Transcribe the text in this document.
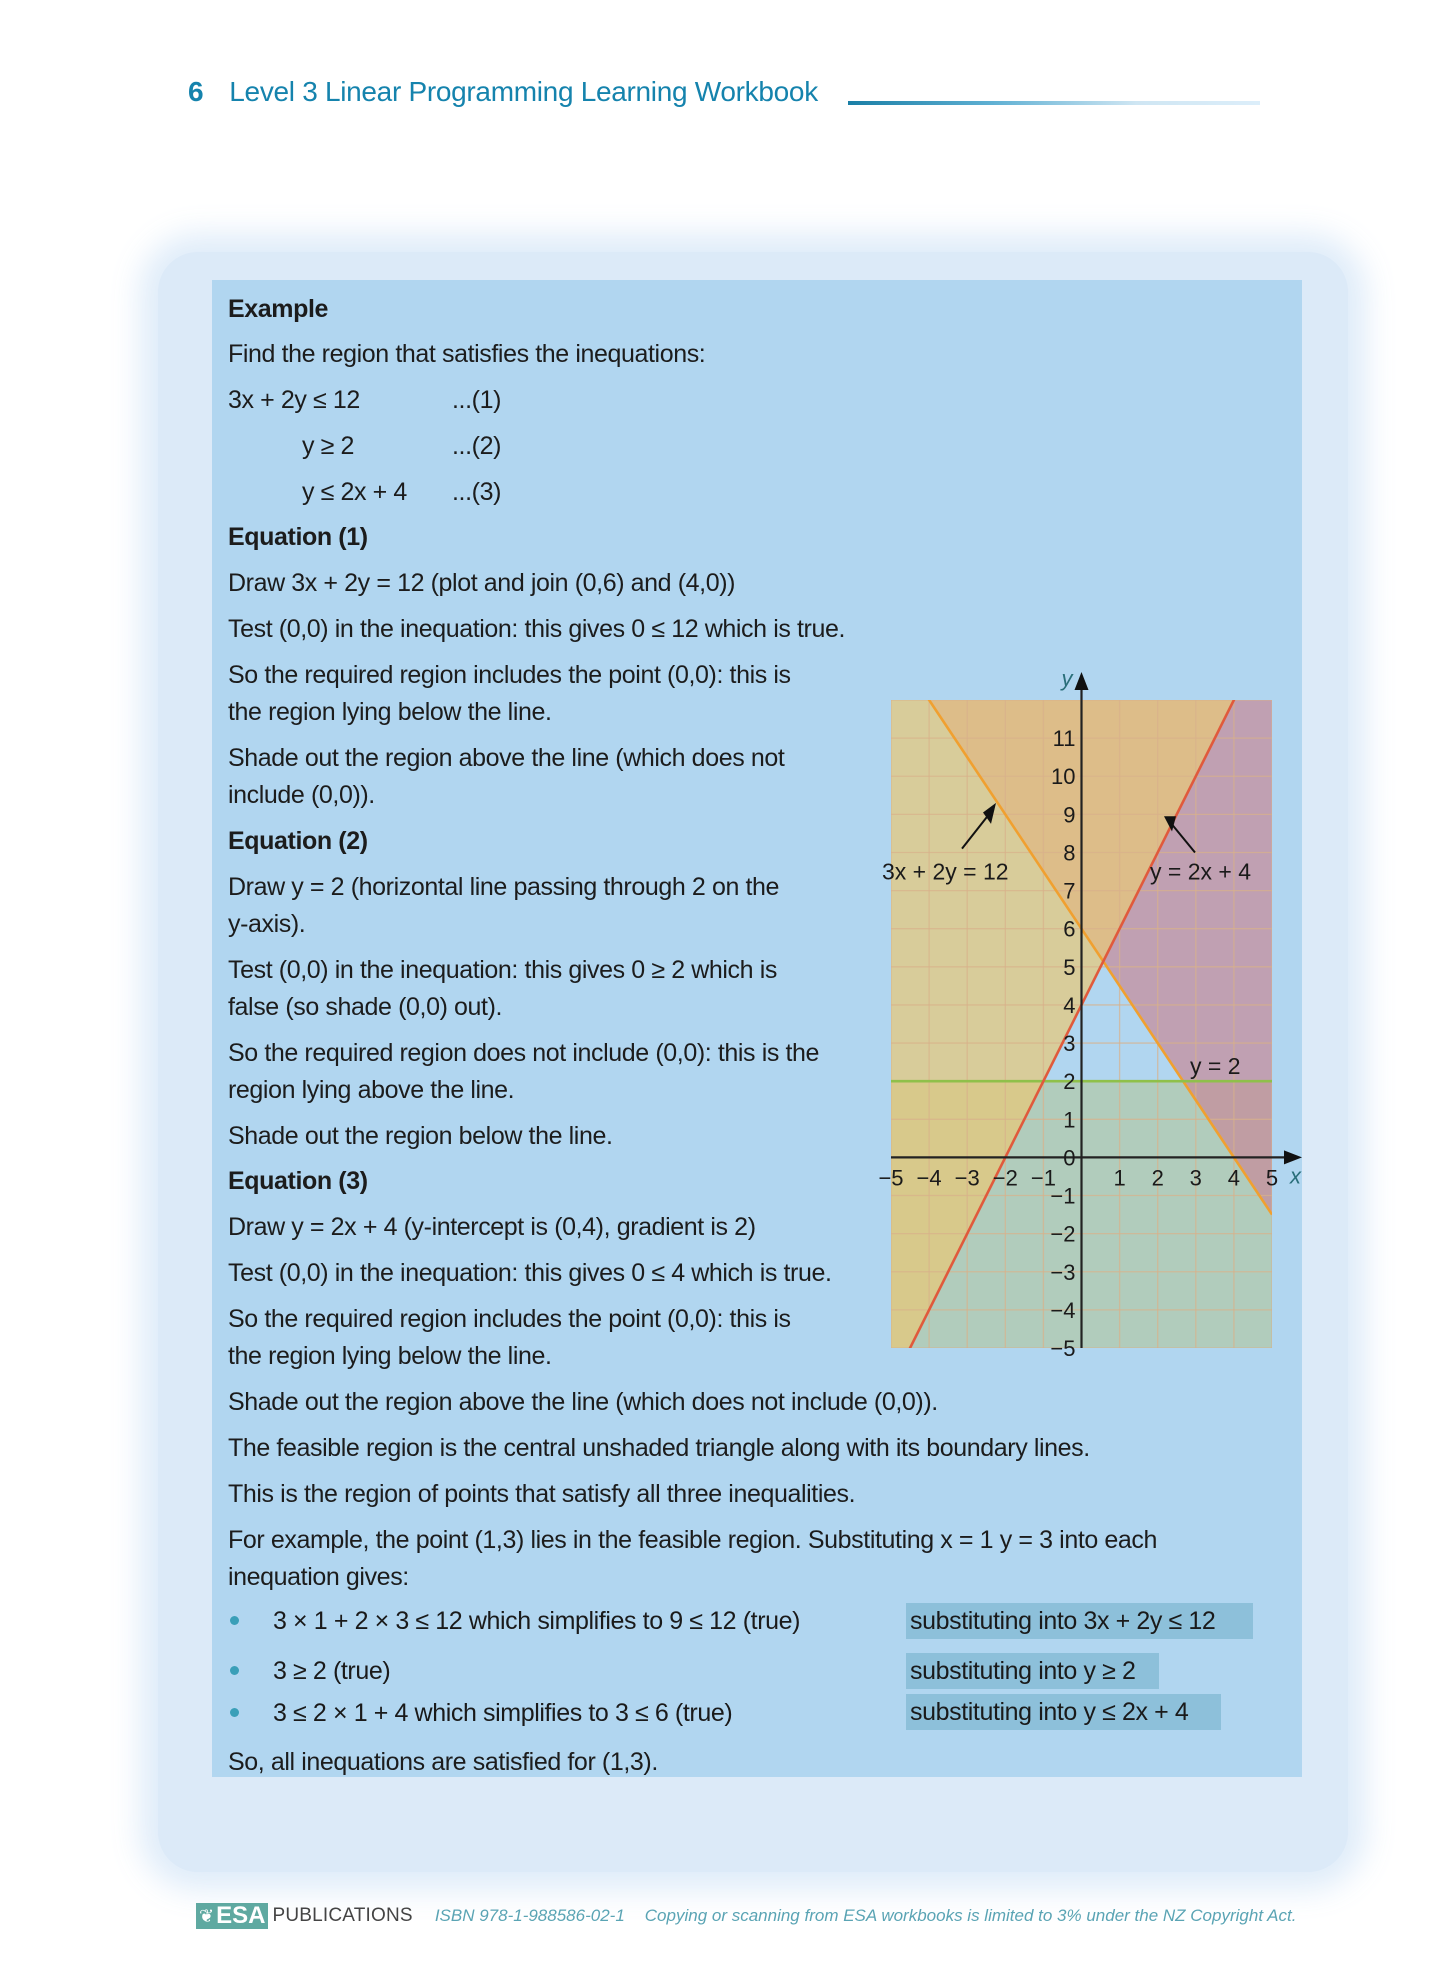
6 Level 3 Linear Programming Learning Workbook
Example
Find the region that satisfies the inequations:
3x + 2y ≤ 12	...(1)
y ≥ 2	...(2)
y ≤ 2x + 4 ...(3)
Equation (1)
Draw 3x + 2y = 12 (plot and join (0,6) and (4,0))
Test (0,0) in the inequation: this gives 0 ≤ 12 which is true.
So the required region includes the point (0,0): this is
the region lying below the line.
Shade out the region above the line (which does not
include (0,0)).
Equation (2)
Draw y = 2 (horizontal line passing through 2 on the
y-axis).
Test (0,0) in the inequation: this gives 0 ≥ 2 which is
false (so shade (0,0) out).
So the required region does not include (0,0): this is the
region lying above the line.
Shade out the region below the line.
Equation (3)
Draw y = 2x + 4 (y-intercept is (0,4), gradient is 2)
Test (0,0) in the inequation: this gives 0 ≤ 4 which is true.
So the required region includes the point (0,0): this is
the region lying below the line.
Shade out the region above the line (which does not include (0,0)).
The feasible region is the central unshaded triangle along with its boundary lines.
This is the region of points that satisfy all three inequalities.
For example, the point (1,3) lies in the feasible region. Substituting x = 1 y = 3 into each
inequation gives:
3 × 1 + 2 × 3 ≤ 12 which simplifies to 9 ≤ 12 (true)	substituting into 3x + 2y ≤ 12
3 ≥ 2 (true)	substituting into y ≥ 2
3 ≤ 2 × 1 + 4 which simplifies to 3 ≤ 6 (true)	substituting into y ≤ 2x + 4
So, all inequations are satisfied for (1,3).
y
x
−5 −4 −3 −2 −1	1 2 3 4 5
−5
−4
−3
−2
−1
0
1
2
3
4
5
6
7
8
9
10
11
3x + 2y = 12	y = 2x + 4
y = 2
❦ ESA PUBLICATIONS ISBN 978-1-988586-02-1 Copying or scanning from ESA workbooks is limited to 3% under the NZ Copyright Act.
